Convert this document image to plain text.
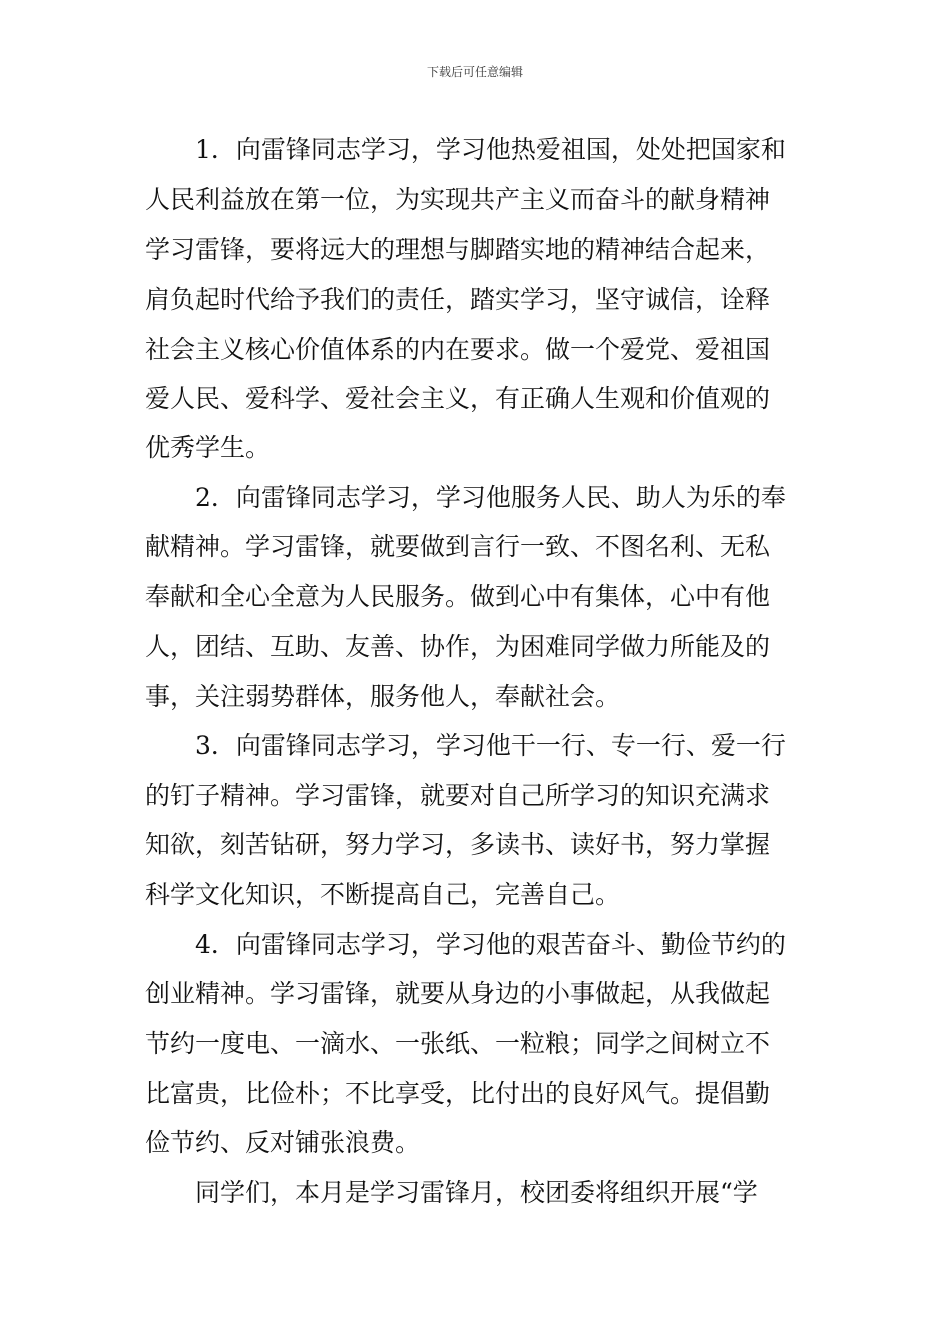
下载后可任意编辑
1．向雷锋同志学习，学习他热爱祖国，处处把国家和
人民利益放在第一位，为实现共产主义而奋斗的献身精神
学习雷锋，要将远大的理想与脚踏实地的精神结合起来，
肩负起时代给予我们的责任，踏实学习，坚守诚信，诠释
社会主义核心价值体系的内在要求。做一个爱党、爱祖国
爱人民、爱科学、爱社会主义，有正确人生观和价值观的
优秀学生。
2．向雷锋同志学习，学习他服务人民、助人为乐的奉
献精神。学习雷锋，就要做到言行一致、不图名利、无私
奉献和全心全意为人民服务。做到心中有集体，心中有他
人，团结、互助、友善、协作，为困难同学做力所能及的
事，关注弱势群体，服务他人，奉献社会。
3．向雷锋同志学习，学习他干一行、专一行、爱一行
的钉子精神。学习雷锋，就要对自己所学习的知识充满求
知欲，刻苦钻研，努力学习，多读书、读好书，努力掌握
科学文化知识，不断提高自己，完善自己。
4．向雷锋同志学习，学习他的艰苦奋斗、勤俭节约的
创业精神。学习雷锋，就要从身边的小事做起，从我做起
节约一度电、一滴水、一张纸、一粒粮；同学之间树立不
比富贵，比俭朴；不比享受，比付出的良好风气。提倡勤
俭节约、反对铺张浪费。
同学们，本月是学习雷锋月，校团委将组织开展“学
